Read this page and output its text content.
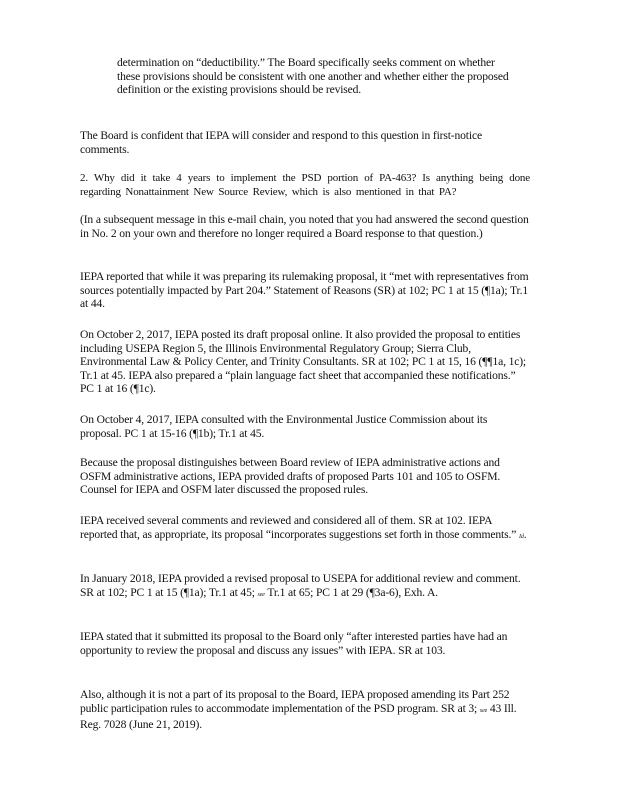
determination on “deductibility.” The Board specifically seeks comment on whether these provisions should be consistent with one another and whether either the proposed definition or the existing provisions should be revised.

The Board is confident that IEPA will consider and respond to this question in first-notice comments.

2. Why did it take 4 years to implement the PSD portion of PA-463? Is anything being done regarding Nonattainment New Source Review, which is also mentioned in that PA?

(In a subsequent message in this e-mail chain, you noted that you had answered the second question in No. 2 on your own and therefore no longer required a Board response to that question.)

IEPA reported that while it was preparing its rulemaking proposal, it “met with representatives from sources potentially impacted by Part 204.” Statement of Reasons (SR) at 102; PC 1 at 15 (¶1a); Tr.1 at 44.

On October 2, 2017, IEPA posted its draft proposal online. It also provided the proposal to entities including USEPA Region 5, the Illinois Environmental Regulatory Group; Sierra Club, Environmental Law & Policy Center, and Trinity Consultants. SR at 102; PC 1 at 15, 16 (¶¶1a, 1c); Tr.1 at 45. IEPA also prepared a “plain language fact sheet that accompanied these notifications.” PC 1 at 16 (¶1c).

On October 4, 2017, IEPA consulted with the Environmental Justice Commission about its proposal. PC 1 at 15-16 (¶1b); Tr.1 at 45.

Because the proposal distinguishes between Board review of IEPA administrative actions and OSFM administrative actions, IEPA provided drafts of proposed Parts 101 and 105 to OSFM. Counsel for IEPA and OSFM later discussed the proposed rules.

IEPA received several comments and reviewed and considered all of them. SR at 102. IEPA reported that, as appropriate, its proposal “incorporates suggestions set forth in those comments.” Id.

In January 2018, IEPA provided a revised proposal to USEPA for additional review and comment. SR at 102; PC 1 at 15 (¶1a); Tr.1 at 45; see Tr.1 at 65; PC 1 at 29 (¶3a-6), Exh. A.

IEPA stated that it submitted its proposal to the Board only “after interested parties have had an opportunity to review the proposal and discuss any issues” with IEPA. SR at 103.

Also, although it is not a part of its proposal to the Board, IEPA proposed amending its Part 252 public participation rules to accommodate implementation of the PSD program. SR at 3; see 43 Ill. Reg. 7028 (June 21, 2019).
